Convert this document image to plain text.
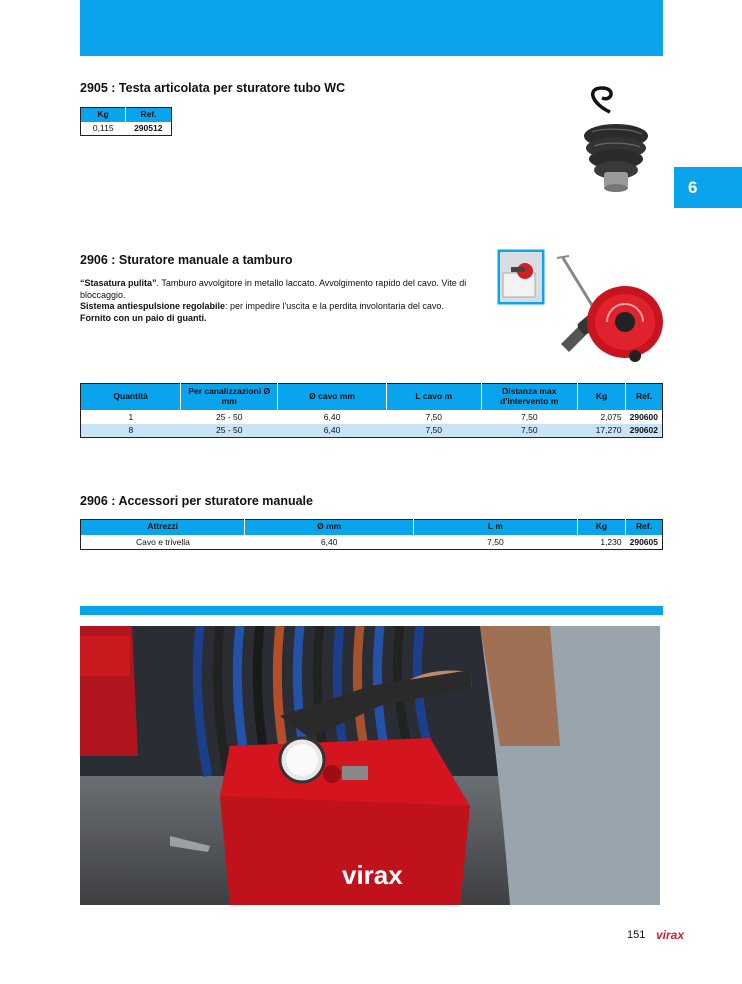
6
2905 : Testa articolata per sturatore tubo WC
Kg	Ref.
0,115	290512
2906 : Sturatore manuale a tamburo
“Stasatura pulita”. Tamburo avvolgitore in metallo laccato. Avvolgimento rapido del cavo. Vite di bloccaggio.
Sistema antiespulsione regolabile: per impedire l'uscita e la perdita involontaria del cavo.
Fornito con un paio di guanti.
Quantità	Per canalizzazioni Ø mm	Ø cavo mm	L cavo m	Distanza max d'intervento m	Kg	Ref.
1	25 - 50	6,40	7,50	7,50	2,075	290600
8	25 - 50	6,40	7,50	7,50	17,270	290602
2906 : Accessori per sturatore manuale
Attrezzi	Ø mm	L m	Kg	Ref.
Cavo e trivella	6,40	7,50	1,230	290605
virax
151 virax
